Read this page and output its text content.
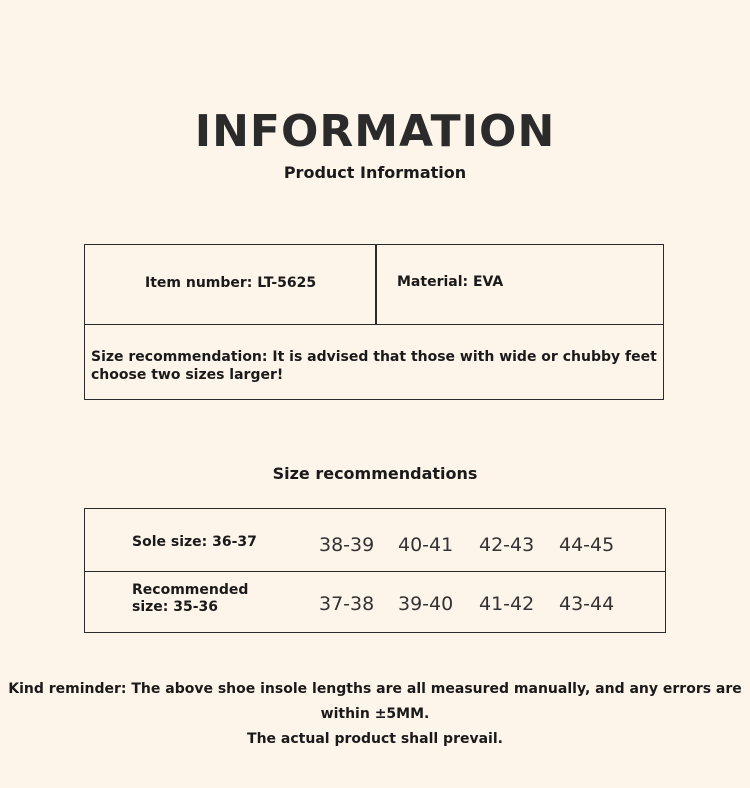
INFORMATION
Product Information
Item number: LT-5625	Material: EVA
Size recommendation: It is advised that those with wide or chubby feet choose two sizes larger!
Size recommendations
Sole size: 36-37	38-39 40-41 42-43 44-45
Recommended size: 35-36	37-38 39-40 41-42 43-44
Kind reminder: The above shoe insole lengths are all measured manually, and any errors are within ±5MM.
The actual product shall prevail.
